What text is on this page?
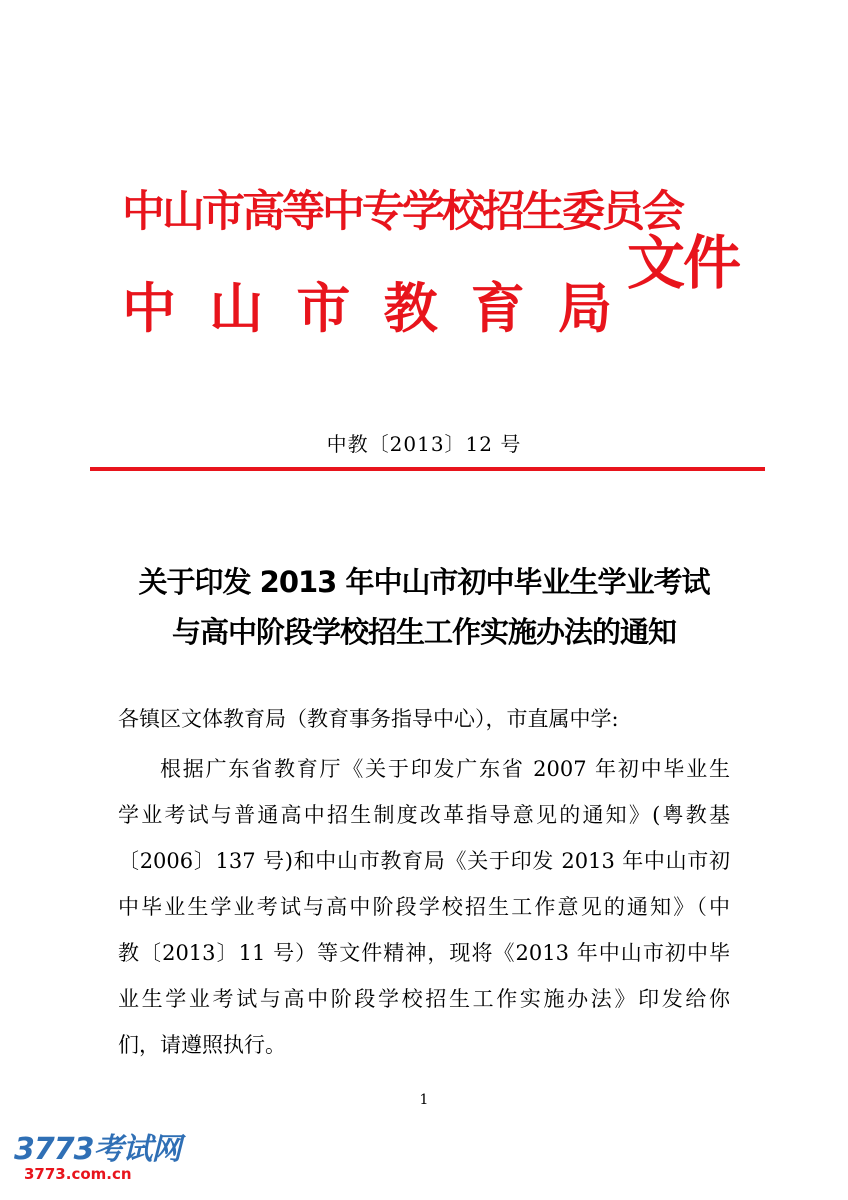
中山市高等中专学校招生委员会
中 山 市 教 育 局
文件
中教〔2013〕12 号
关于印发 2013 年中山市初中毕业生学业考试
与高中阶段学校招生工作实施办法的通知
各镇区文体教育局（教育事务指导中心），市直属中学:
根据广东省教育厅《关于印发广东省 2007 年初中毕业生
学业考试与普通高中招生制度改革指导意见的通知》(粤教基
〔2006〕137 号)和中山市教育局《关于印发 2013 年中山市初
中毕业生学业考试与高中阶段学校招生工作意见的通知》（中
教〔2013〕11 号）等文件精神，现将《2013 年中山市初中毕
业生学业考试与高中阶段学校招生工作实施办法》印发给你
们，请遵照执行。
1
3773考试网
3773.com.cn
